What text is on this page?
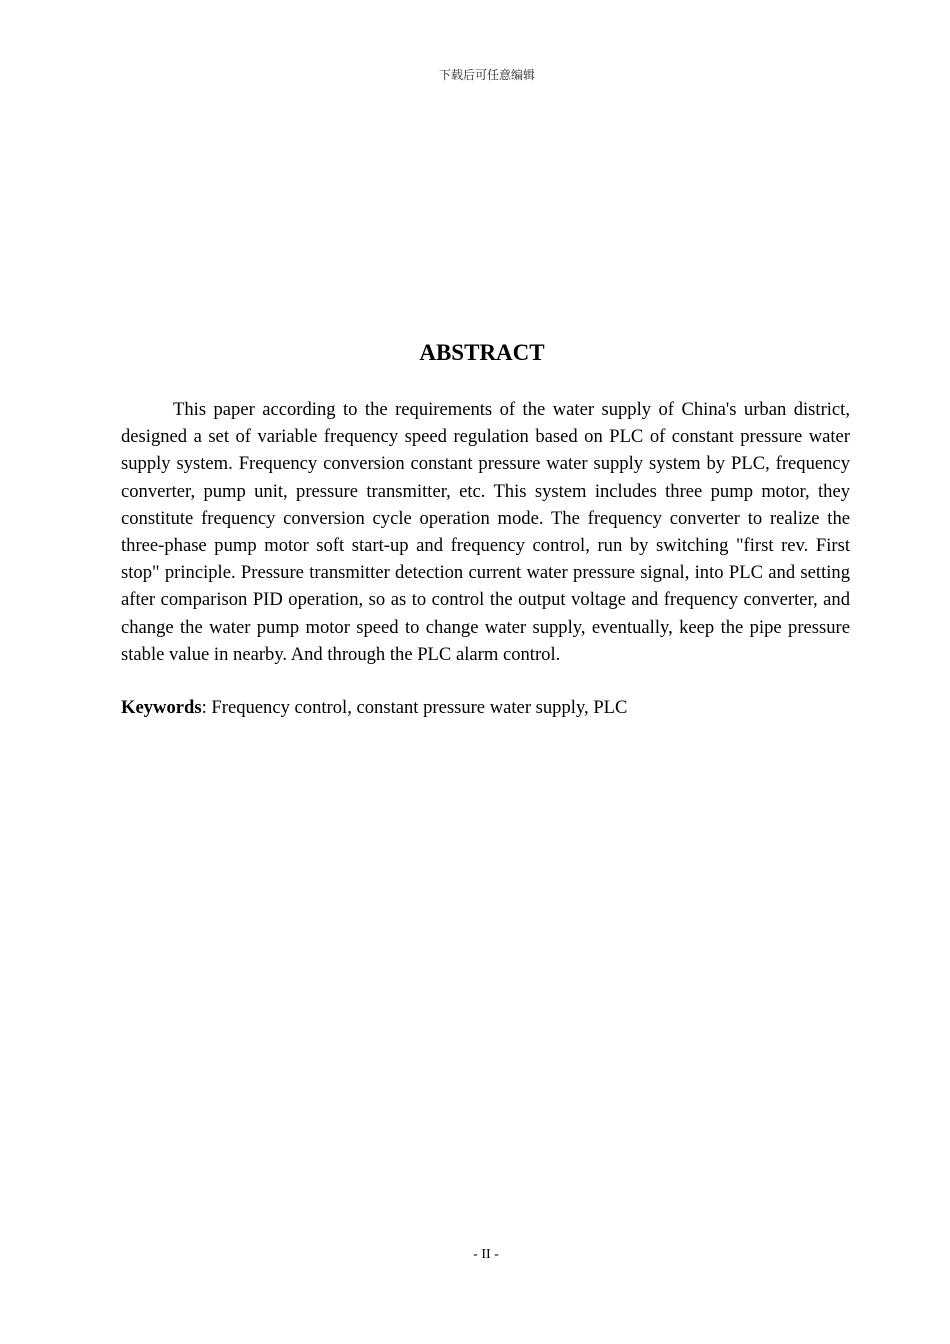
下载后可任意编辑
ABSTRACT

This paper according to the requirements of the water supply of China's urban district, designed a set of variable frequency speed regulation based on PLC of constant pressure water supply system. Frequency conversion constant pressure water supply system by PLC, frequency converter, pump unit, pressure transmitter, etc. This system includes three pump motor, they constitute frequency conversion cycle operation mode. The frequency converter to realize the three-phase pump motor soft start-up and frequency control, run by switching "first rev. First stop" principle. Pressure transmitter detection current water pressure signal, into PLC and setting after comparison PID operation, so as to control the output voltage and frequency converter, and change the water pump motor speed to change water supply, eventually, keep the pipe pressure stable value in nearby. And through the PLC alarm control.

Keywords: Frequency control, constant pressure water supply, PLC

- II -
